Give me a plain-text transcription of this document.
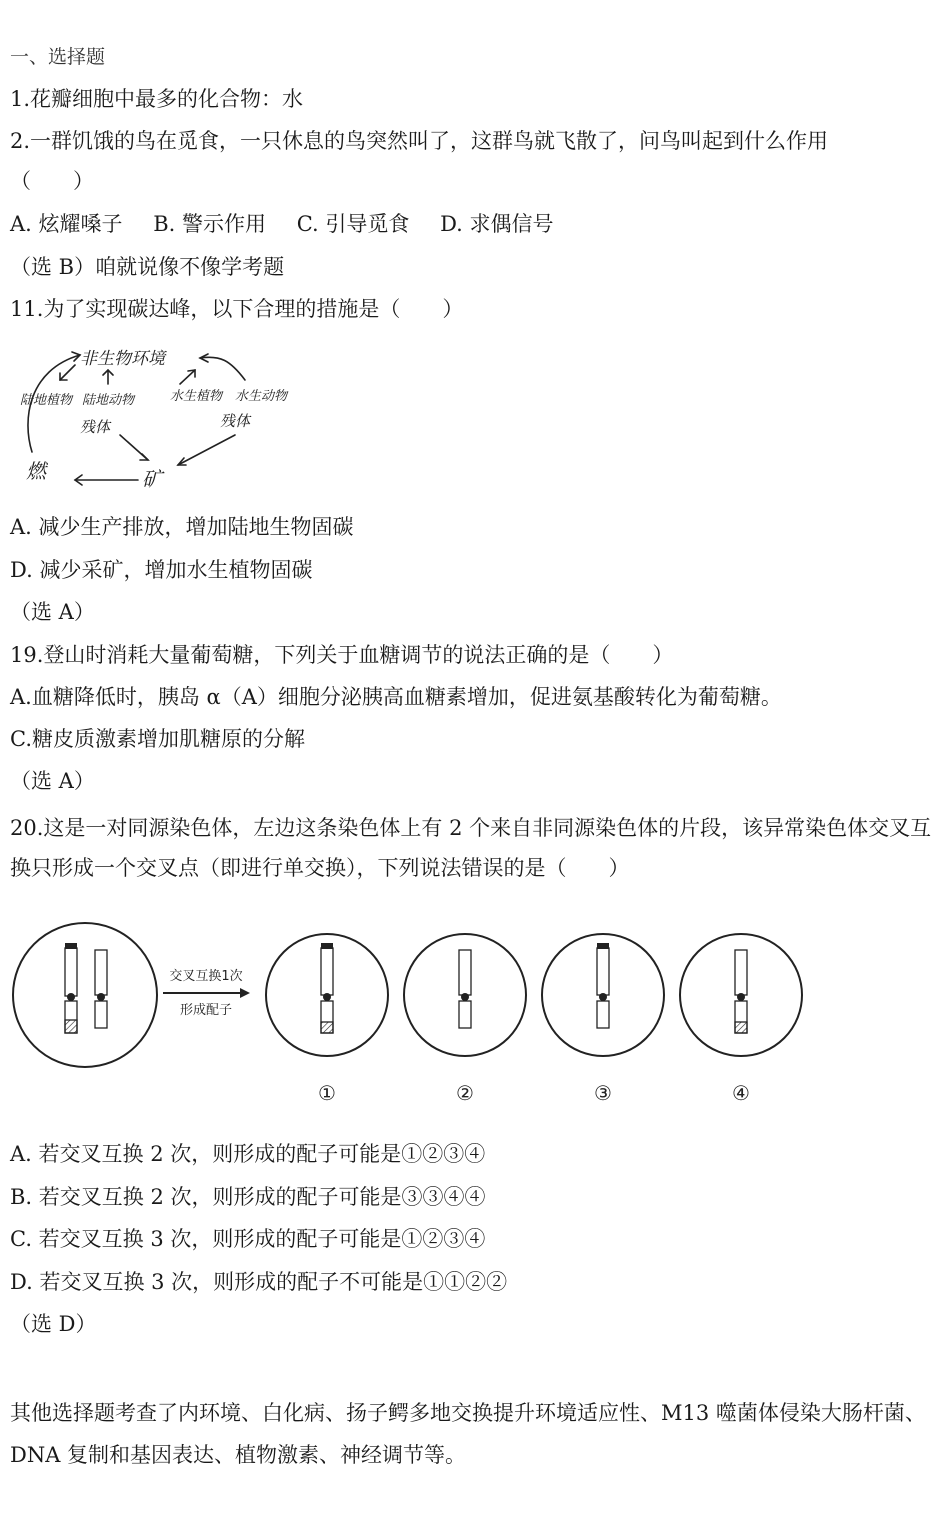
一、选择题
1.花瓣细胞中最多的化合物：水
2.一群饥饿的鸟在觅食，一只休息的鸟突然叫了，这群鸟就飞散了，问鸟叫起到什么作用
（　　）
A. 炫耀嗓子 B. 警示作用 C. 引导觅食 D. 求偶信号
（选 B）咱就说像不像学考题
11.为了实现碳达峰，以下合理的措施是（　　）
非生物环境
陆地植物 陆地动物	水生植物 水生动物
残体	残体
矿
燃
A. 减少生产排放，增加陆地生物固碳
D. 减少采矿，增加水生植物固碳
（选 A）
19.登山时消耗大量葡萄糖，下列关于血糖调节的说法正确的是（　　）
A.血糖降低时，胰岛 α（A）细胞分泌胰高血糖素增加，促进氨基酸转化为葡萄糖。
C.糖皮质激素增加肌糖原的分解
（选 A）
20.这是一对同源染色体，左边这条染色体上有 2 个来自非同源染色体的片段，该异常染色体交叉互换只形成一个交叉点（即进行单交换），下列说法错误的是（　　）
交叉互换1次
形成配子
①	②	③	④
A. 若交叉互换 2 次，则形成的配子可能是①②③④
B. 若交叉互换 2 次，则形成的配子可能是③③④④
C. 若交叉互换 3 次，则形成的配子可能是①②③④
D. 若交叉互换 3 次，则形成的配子不可能是①①②②
（选 D）
其他选择题考查了内环境、白化病、扬子鳄多地交换提升环境适应性、M13 噬菌体侵染大肠杆菌、DNA 复制和基因表达、植物激素、神经调节等。
